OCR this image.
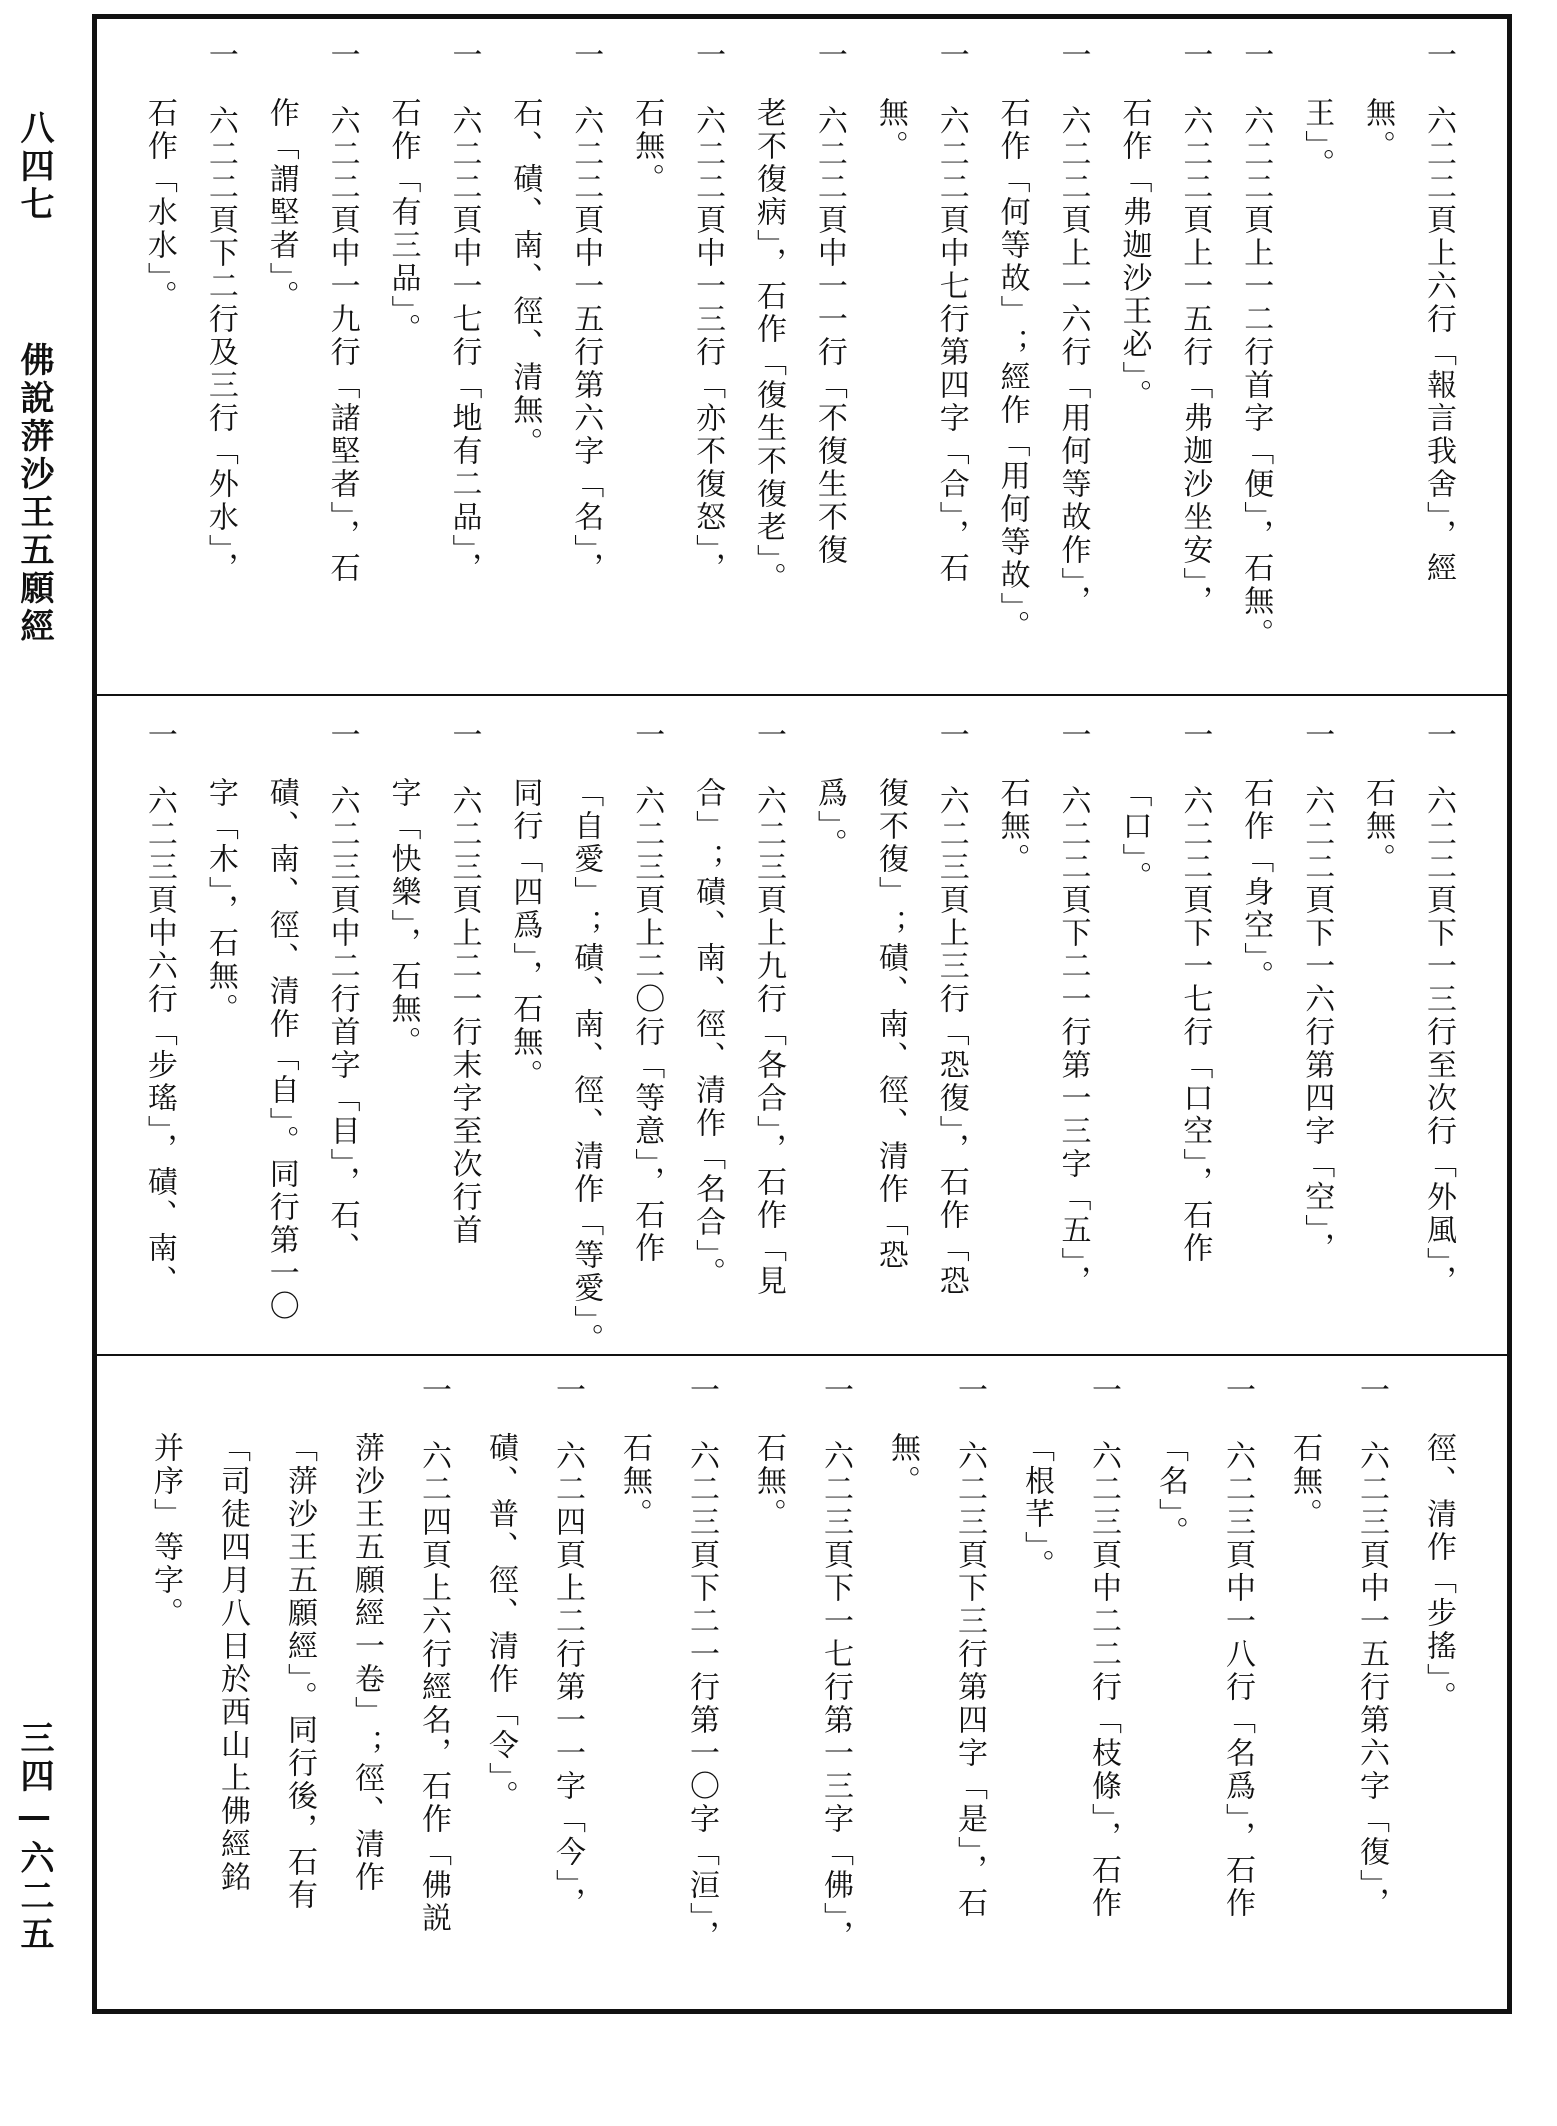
八四七  佛說蓱沙王五願經
三四—六二五
一　六二二頁上六行「報言我舍」，經
無。
王」。
一　六二二頁上一二行首字「便」，石無。
一　六二二頁上一五行「弗迦沙坐安」，
石作「弗迦沙王必」。
一　六二二頁上一六行「用何等故作」，
石作「何等故」；經作「用何等故」。
一　六二二頁中七行第四字「合」，石
無。
一　六二二頁中一一行「不復生不復
老不復病」，石作「復生不復老」。
一　六二二頁中一三行「亦不復怒」，
石無。
一　六二二頁中一五行第六字「名」，
石、磧、南、徑、清無。
一　六二二頁中一七行「地有二品」，
石作「有三品」。
一　六二二頁中一九行「諸堅者」，石
作「謂堅者」。
一　六二二頁下二行及三行「外水」，
石作「水水」。
一　六二二頁下一三行至次行「外風」，
石無。
一　六二二頁下一六行第四字「空」，
石作「身空」。
一　六二二頁下一七行「口空」，石作
「口」。
一　六二二頁下二一行第一三字「五」，
石無。
一　六二三頁上三行「恐復」，石作「恐
復不復」；磧、南、徑、清作「恐
爲」。
一　六二三頁上九行「各合」，石作「見
合」；磧、南、徑、清作「名合」。
一　六二三頁上二〇行「等意」，石作
「自愛」；磧、南、徑、清作「等愛」。
同行「四爲」，石無。
一　六二三頁上二一行末字至次行首
字「快樂」，石無。
一　六二三頁中二行首字「目」，石、
磧、南、徑、清作「自」。同行第一〇
字「木」，石無。
一　六二三頁中六行「步瑤」，磧、南、
徑、清作「步搖」。
一　六二三頁中一五行第六字「復」，
石無。
一　六二三頁中一八行「名爲」，石作
「名」。
一　六二三頁中二二行「枝條」，石作
「根芊」。
一　六二三頁下三行第四字「是」，石
無。
一　六二三頁下一七行第一三字「佛」，
石無。
一　六二三頁下二一行第一〇字「洹」，
石無。
一　六二四頁上二行第一一字「今」，
磧、普、徑、清作「令」。
一　六二四頁上六行經名，石作「佛説
蓱沙王五願經一卷」；徑、清作
「蓱沙王五願經」。同行後，石有
「司徒四月八日於西山上佛經銘
并序」等字。
